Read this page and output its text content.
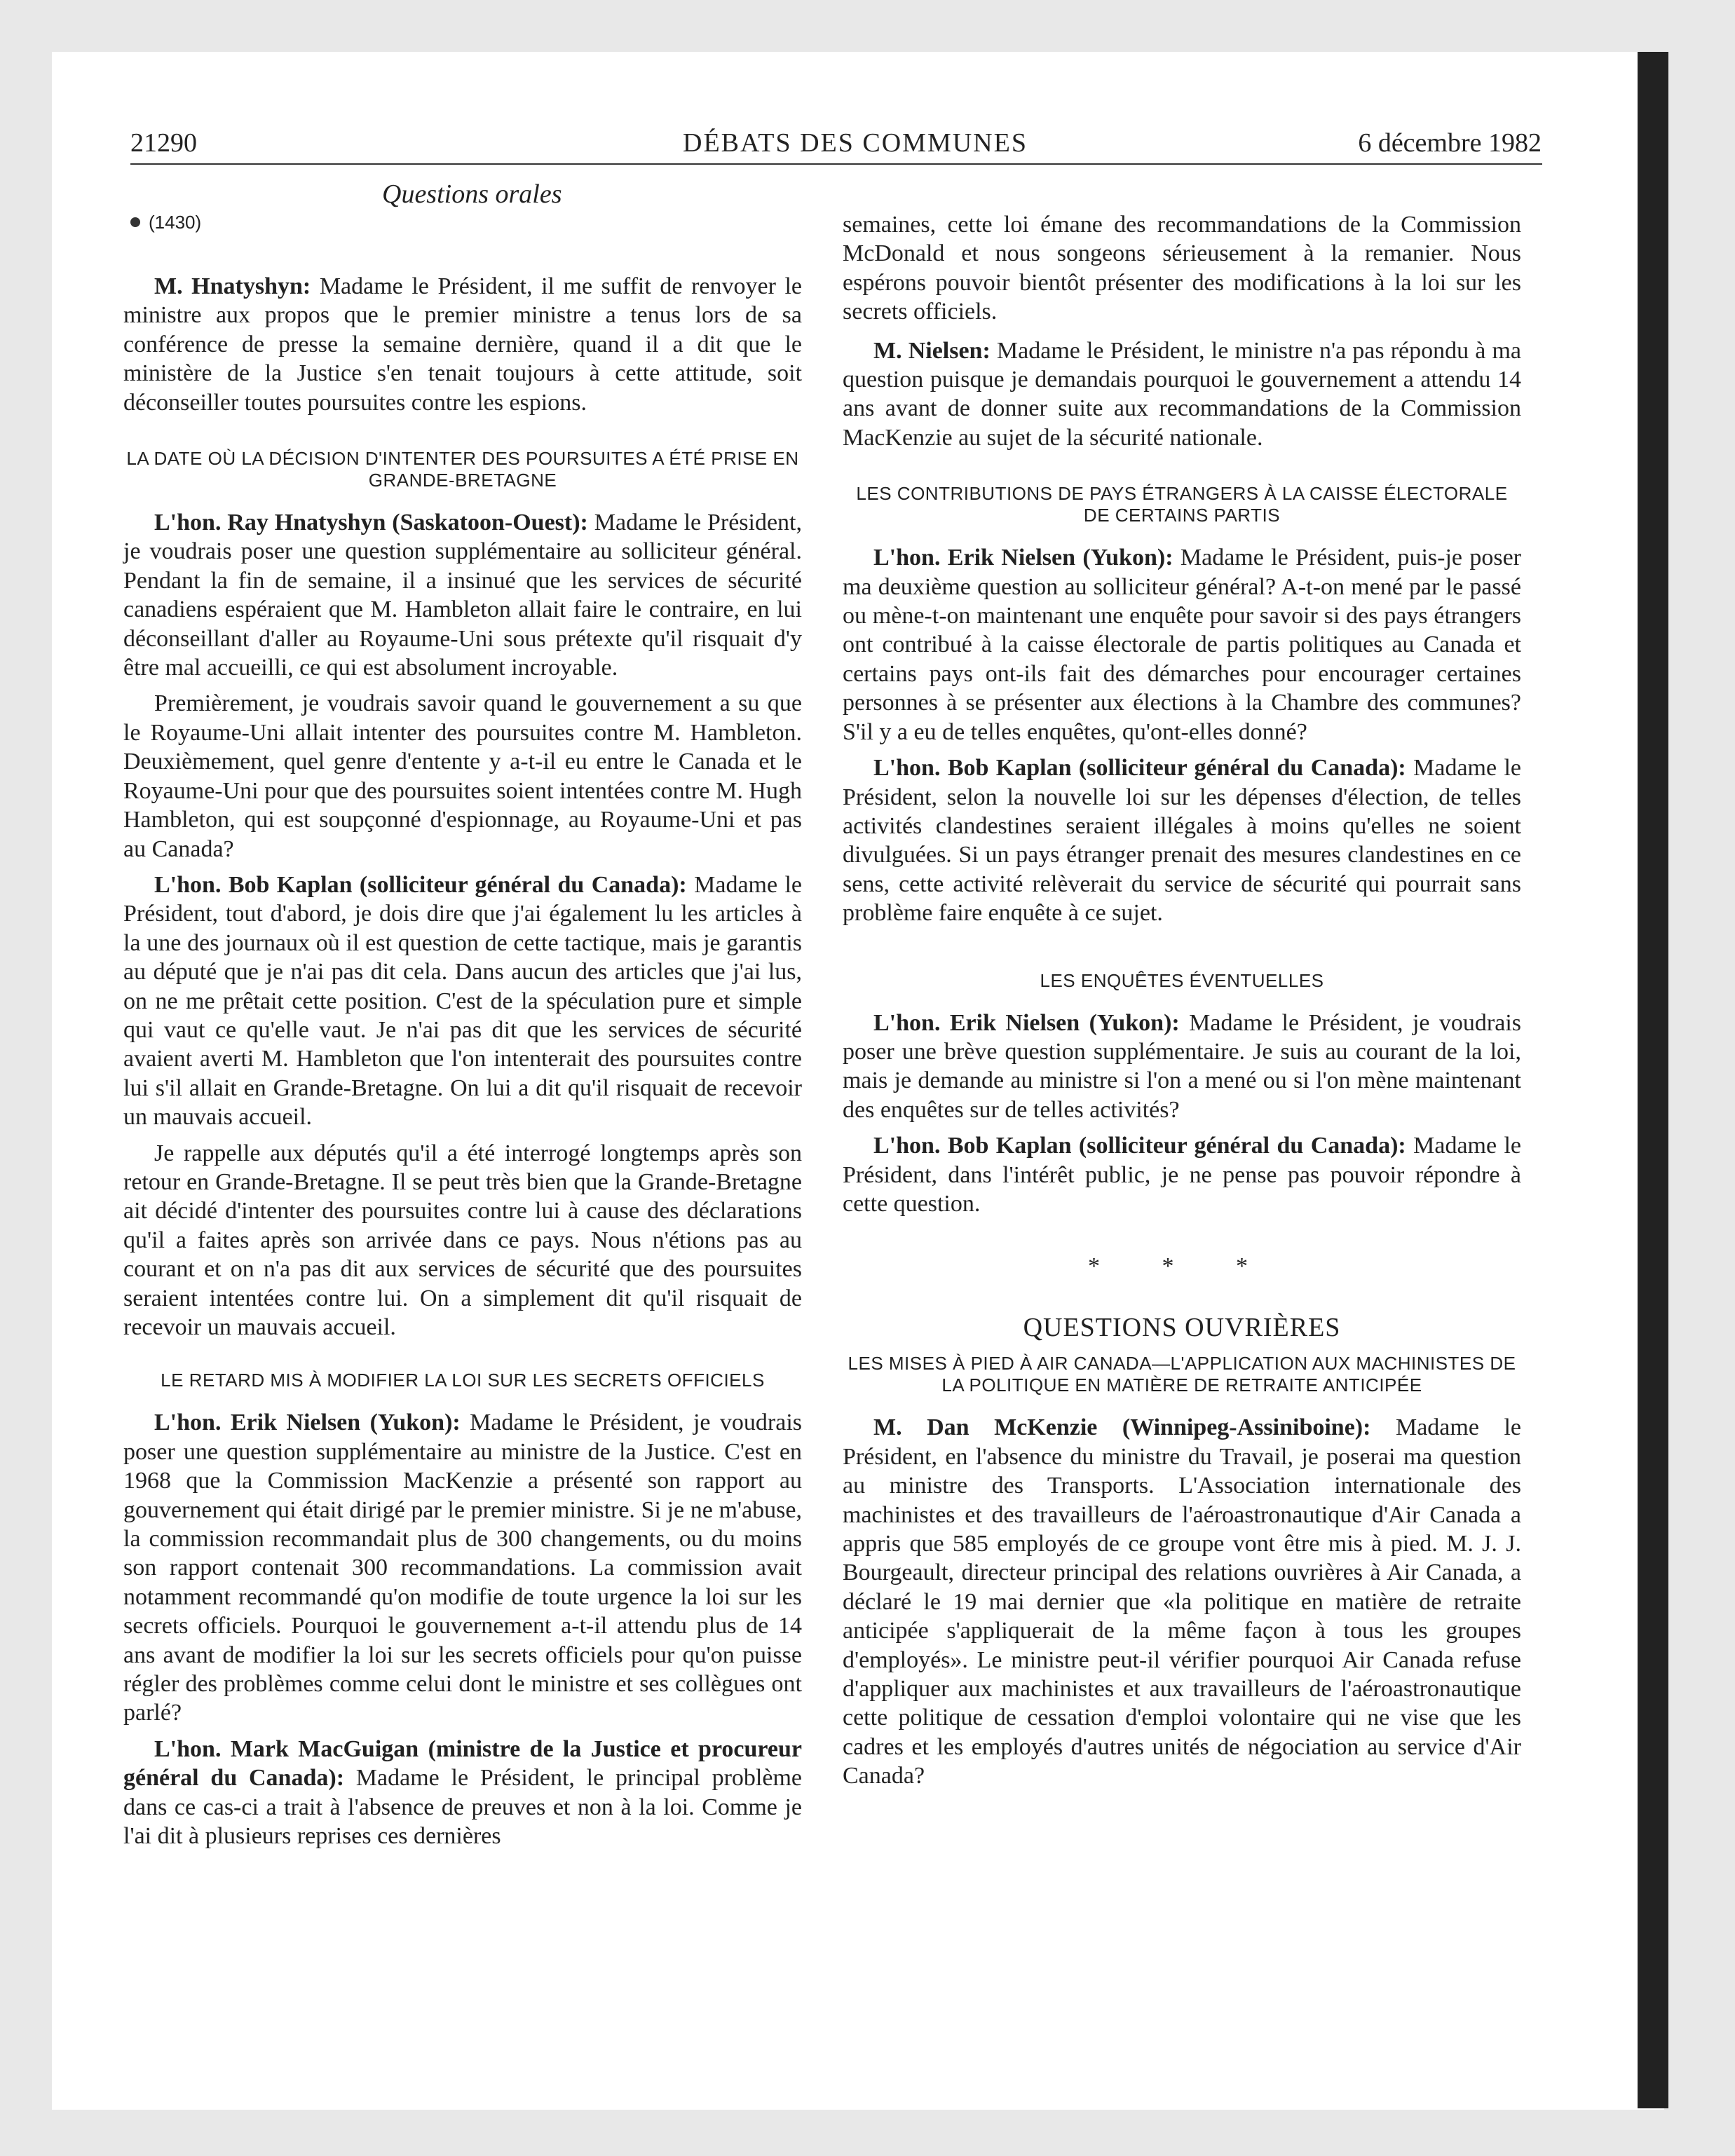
21290	DÉBATS DES COMMUNES	6 décembre 1982
Questions orales
(1430)

M. Hnatyshyn: Madame le Président, il me suffit de renvoyer le ministre aux propos que le premier ministre a tenus lors de sa conférence de presse la semaine dernière, quand il a dit que le ministère de la Justice s'en tenait toujours à cette attitude, soit déconseiller toutes poursuites contre les espions.

LA DATE OÙ LA DÉCISION D'INTENTER DES POURSUITES A ÉTÉ PRISE EN GRANDE-BRETAGNE

L'hon. Ray Hnatyshyn (Saskatoon-Ouest): Madame le Président, je voudrais poser une question supplémentaire au solliciteur général. Pendant la fin de semaine, il a insinué que les services de sécurité canadiens espéraient que M. Hambleton allait faire le contraire, en lui déconseillant d'aller au Royaume-Uni sous prétexte qu'il risquait d'y être mal accueilli, ce qui est absolument incroyable.

Premièrement, je voudrais savoir quand le gouvernement a su que le Royaume-Uni allait intenter des poursuites contre M. Hambleton. Deuxièmement, quel genre d'entente y a-t-il eu entre le Canada et le Royaume-Uni pour que des poursuites soient intentées contre M. Hugh Hambleton, qui est soupçonné d'espionnage, au Royaume-Uni et pas au Canada?

L'hon. Bob Kaplan (solliciteur général du Canada): Madame le Président, tout d'abord, je dois dire que j'ai également lu les articles à la une des journaux où il est question de cette tactique, mais je garantis au député que je n'ai pas dit cela. Dans aucun des articles que j'ai lus, on ne me prêtait cette position. C'est de la spéculation pure et simple qui vaut ce qu'elle vaut. Je n'ai pas dit que les services de sécurité avaient averti M. Hambleton que l'on intenterait des poursuites contre lui s'il allait en Grande-Bretagne. On lui a dit qu'il risquait de recevoir un mauvais accueil.

Je rappelle aux députés qu'il a été interrogé longtemps après son retour en Grande-Bretagne. Il se peut très bien que la Grande-Bretagne ait décidé d'intenter des poursuites contre lui à cause des déclarations qu'il a faites après son arrivée dans ce pays. Nous n'étions pas au courant et on n'a pas dit aux services de sécurité que des poursuites seraient intentées contre lui. On a simplement dit qu'il risquait de recevoir un mauvais accueil.

LE RETARD MIS À MODIFIER LA LOI SUR LES SECRETS OFFICIELS

L'hon. Erik Nielsen (Yukon): Madame le Président, je voudrais poser une question supplémentaire au ministre de la Justice. C'est en 1968 que la Commission MacKenzie a présenté son rapport au gouvernement qui était dirigé par le premier ministre. Si je ne m'abuse, la commission recommandait plus de 300 changements, ou du moins son rapport contenait 300 recommandations. La commission avait notamment recommandé qu'on modifie de toute urgence la loi sur les secrets officiels. Pourquoi le gouvernement a-t-il attendu plus de 14 ans avant de modifier la loi sur les secrets officiels pour qu'on puisse régler des problèmes comme celui dont le ministre et ses collègues ont parlé?

L'hon. Mark MacGuigan (ministre de la Justice et procureur général du Canada): Madame le Président, le principal problème dans ce cas-ci a trait à l'absence de preuves et non à la loi. Comme je l'ai dit à plusieurs reprises ces dernières

semaines, cette loi émane des recommandations de la Commission McDonald et nous songeons sérieusement à la remanier. Nous espérons pouvoir bientôt présenter des modifications à la loi sur les secrets officiels.

M. Nielsen: Madame le Président, le ministre n'a pas répondu à ma question puisque je demandais pourquoi le gouvernement a attendu 14 ans avant de donner suite aux recommandations de la Commission MacKenzie au sujet de la sécurité nationale.

LES CONTRIBUTIONS DE PAYS ÉTRANGERS À LA CAISSE ÉLECTORALE DE CERTAINS PARTIS

L'hon. Erik Nielsen (Yukon): Madame le Président, puis-je poser ma deuxième question au solliciteur général? A-t-on mené par le passé ou mène-t-on maintenant une enquête pour savoir si des pays étrangers ont contribué à la caisse électorale de partis politiques au Canada et certains pays ont-ils fait des démarches pour encourager certaines personnes à se présenter aux élections à la Chambre des communes? S'il y a eu de telles enquêtes, qu'ont-elles donné?

L'hon. Bob Kaplan (solliciteur général du Canada): Madame le Président, selon la nouvelle loi sur les dépenses d'élection, de telles activités clandestines seraient illégales à moins qu'elles ne soient divulguées. Si un pays étranger prenait des mesures clandestines en ce sens, cette activité relèverait du service de sécurité qui pourrait sans problème faire enquête à ce sujet.

LES ENQUÊTES ÉVENTUELLES

L'hon. Erik Nielsen (Yukon): Madame le Président, je voudrais poser une brève question supplémentaire. Je suis au courant de la loi, mais je demande au ministre si l'on a mené ou si l'on mène maintenant des enquêtes sur de telles activités?

L'hon. Bob Kaplan (solliciteur général du Canada): Madame le Président, dans l'intérêt public, je ne pense pas pouvoir répondre à cette question.

* * *
QUESTIONS OUVRIÈRES
LES MISES À PIED À AIR CANADA—L'APPLICATION AUX MACHINISTES DE LA POLITIQUE EN MATIÈRE DE RETRAITE ANTICIPÉE

M. Dan McKenzie (Winnipeg-Assiniboine): Madame le Président, en l'absence du ministre du Travail, je poserai ma question au ministre des Transports. L'Association internationale des machinistes et des travailleurs de l'aéroastronautique d'Air Canada a appris que 585 employés de ce groupe vont être mis à pied. M. J. J. Bourgeault, directeur principal des relations ouvrières à Air Canada, a déclaré le 19 mai dernier que «la politique en matière de retraite anticipée s'appliquerait de la même façon à tous les groupes d'employés». Le ministre peut-il vérifier pourquoi Air Canada refuse d'appliquer aux machinistes et aux travailleurs de l'aéroastronautique cette politique de cessation d'emploi volontaire qui ne vise que les cadres et les employés d'autres unités de négociation au service d'Air Canada?
